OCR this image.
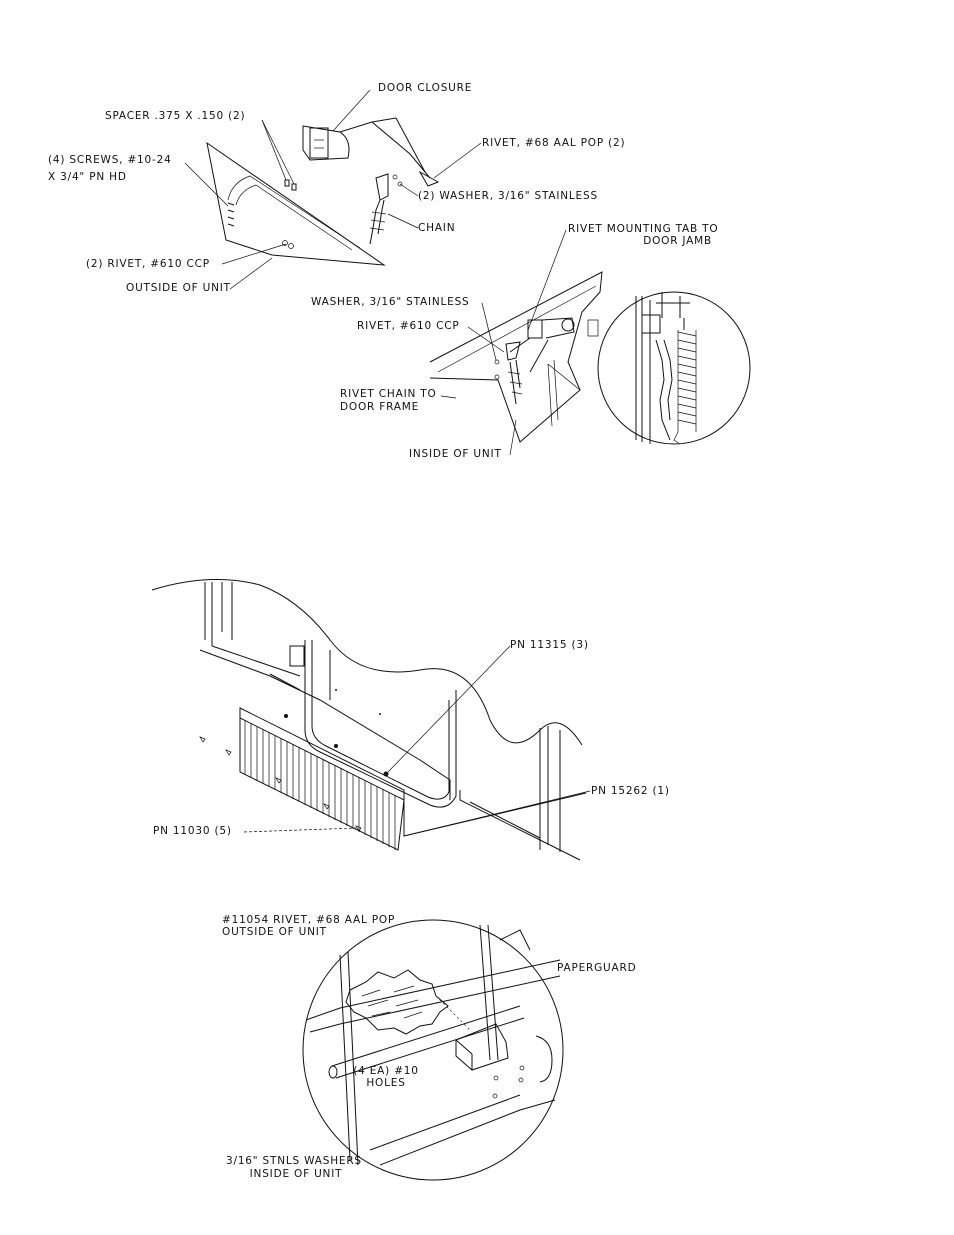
DOOR CLOSURE
SPACER .375 X .150 (2)
(4) SCREWS, #10-24
X 3/4" PN HD
RIVET, #68 AAL POP (2)
(2) WASHER, 3/16" STAINLESS
CHAIN
(2) RIVET, #610 CCP
OUTSIDE OF UNIT
RIVET MOUNTING TAB TO
DOOR JAMB
WASHER, 3/16" STAINLESS
RIVET, #610 CCP
RIVET CHAIN TO
DOOR FRAME
INSIDE OF UNIT
PN 11315 (3)
PN 15262 (1)
PN 11030 (5)
#11054 RIVET, #68 AAL POP
OUTSIDE OF UNIT
PAPERGUARD
(4 EA) #10
HOLES
3/16" STNLS WASHERS
INSIDE OF UNIT
